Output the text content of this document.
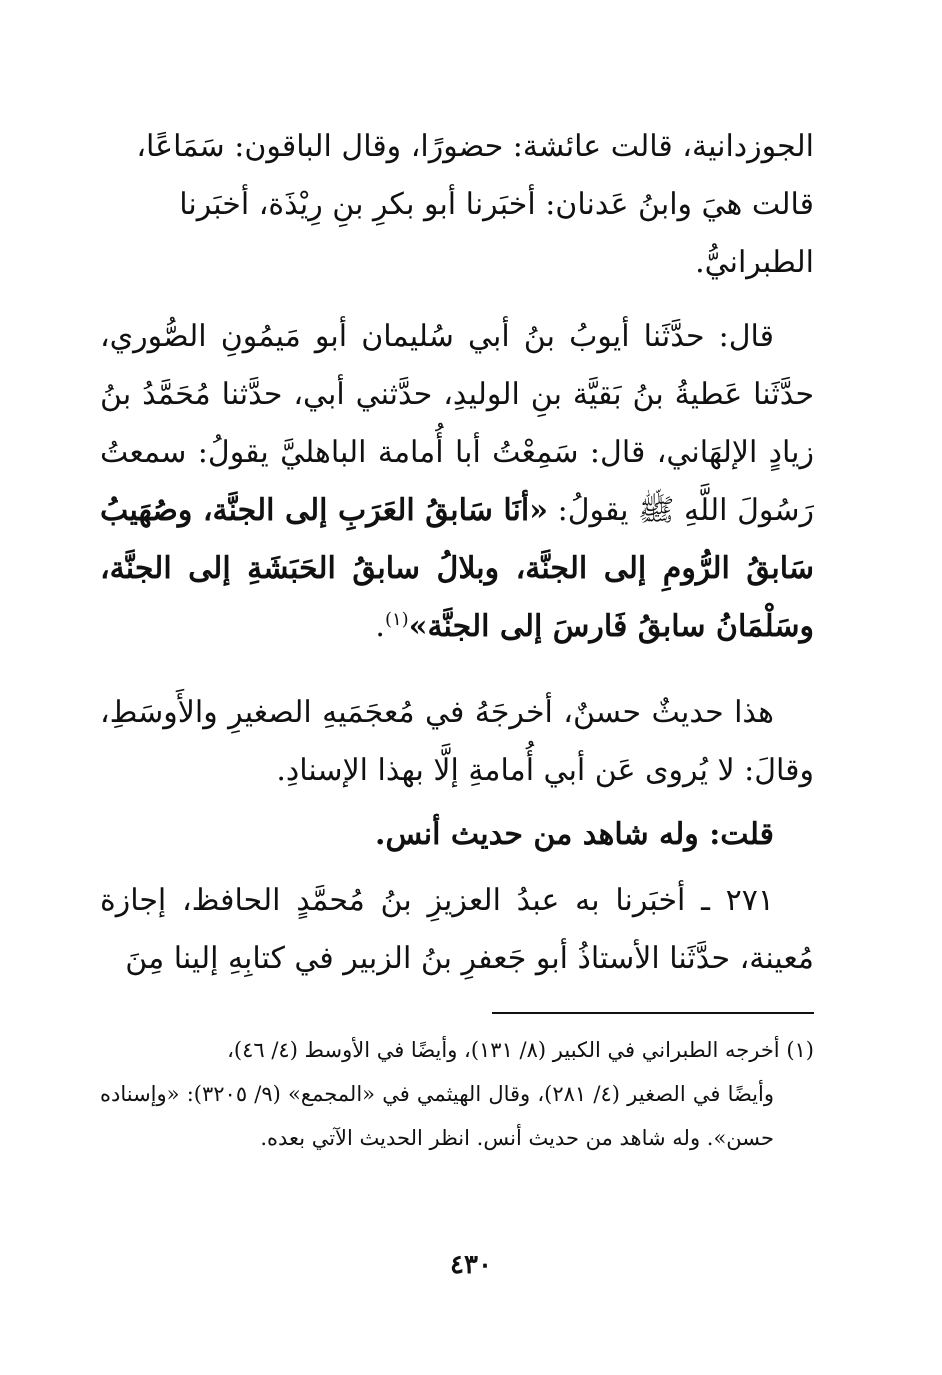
الجوزدانية، قالت عائشة: حضورًا، وقال الباقون: سَمَاعًا،
قالت هيَ وابنُ عَدنان: أخبَرنا أبو بكرِ بنِ رِيْذَة، أخبَرنا
الطبرانيُّ.
قال: حدَّثَنا أيوبُ بنُ أبي سُليمان أبو مَيمُونِ الصُّوري، حدَّثَنا عَطيةُ بنُ بَقيَّة بنِ الوليدِ، حدَّثني أبي، حدَّثنا مُحَمَّدُ بنُ زيادٍ الإلهَاني، قال: سَمِعْتُ أبا أُمامة الباهليَّ يقولُ: سمعتُ رَسُولَ اللَّهِ ﷺ يقولُ: «أنَا سَابقُ العَرَبِ إلى الجنَّة، وصُهَيبُ سَابقُ الرُّومِ إلى الجنَّة، وبلالُ سابقُ الحَبَشَةِ إلى الجنَّة، وسَلْمَانُ سابقُ فَارسَ إلى الجنَّة»$^{(١)}$.
هذا حديثٌ حسنٌ، أخرجَهُ في مُعجَمَيهِ الصغيرِ والأَوسَطِ، وقالَ: لا يُروى عَن أبي أُمامةِ إلَّا بهذا الإسنادِ.
قلت: وله شاهد من حديث أنس.
٢٧١ ـ أخبَرنا به عبدُ العزيزِ بنُ مُحمَّدٍ الحافظ، إجازة مُعينة، حدَّثَنا الأستاذُ أبو جَعفرِ بنُ الزبير في كتابِهِ إلينا مِنَ
(١) أخرجه الطبراني في الكبير (٨/ ١٣١)، وأيضًا في الأوسط (٤/ ٤٦)،
وأيضًا في الصغير (٤/ ٢٨١)، وقال الهيثمي في «المجمع» (٩/ ٣٢٠٥): «وإسناده حسن». وله شاهد من حديث أنس. انظر الحديث الآتي بعده.
٤٣٠
